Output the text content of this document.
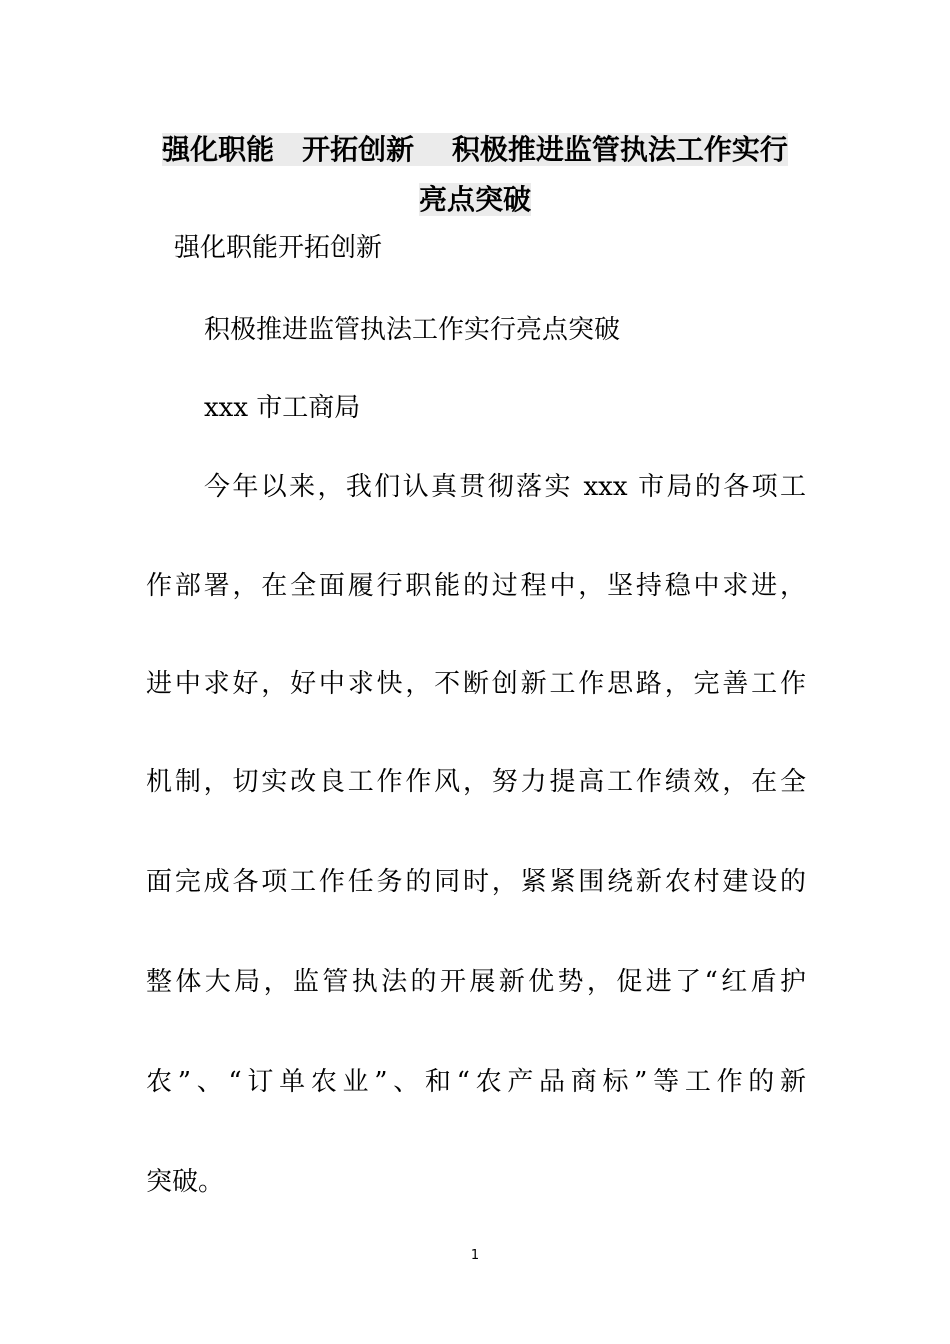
强化职能　开拓创新　 积极推进监管执法工作实行
亮点突破
强化职能开拓创新
积极推进监管执法工作实行亮点突破
xxx 市工商局
今年以来，我们认真贯彻落实 xxx 市局的各项工
作部署，在全面履行职能的过程中，坚持稳中求进，
进中求好，好中求快，不断创新工作思路，完善工作
机制，切实改良工作作风，努力提高工作绩效，在全
面完成各项工作任务的同时，紧紧围绕新农村建设的
整体大局，监管执法的开展新优势，促进了“红盾护
农”、“订单农业”、和“农产品商标”等工作的新
突破。
1
